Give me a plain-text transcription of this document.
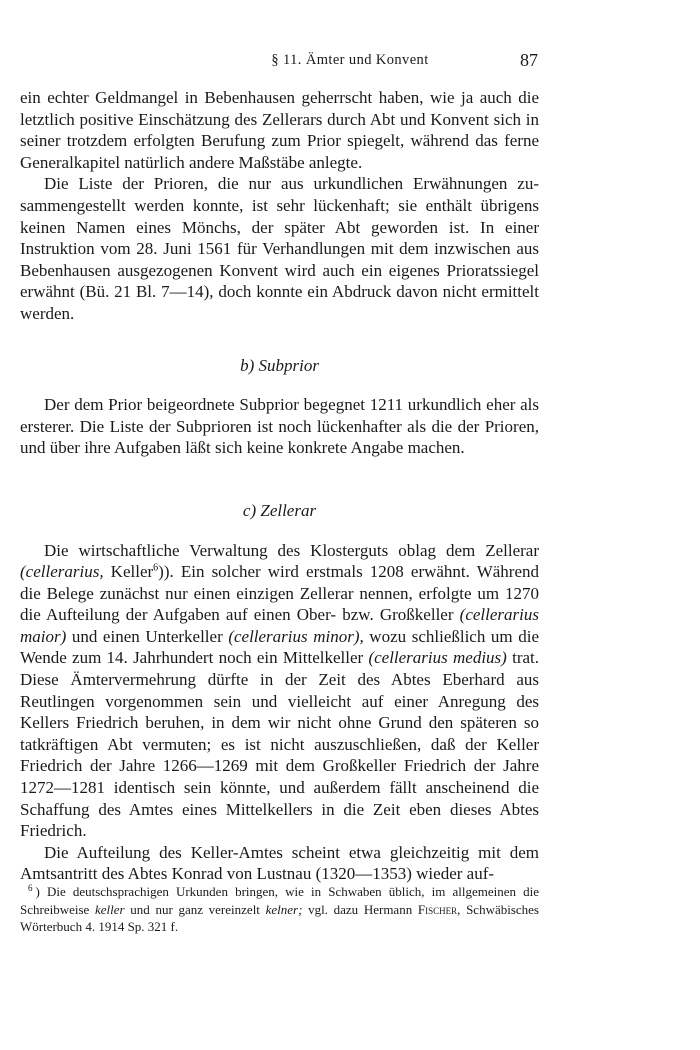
§ 11. Ämter und Konvent	87

ein echter Geldmangel in Bebenhausen geherrscht haben, wie ja auch die letztlich positive Einschätzung des Zellerars durch Abt und Konvent sich in seiner trotzdem erfolgten Berufung zum Prior spiegelt, während das ferne Generalkapitel natürlich andere Maßstäbe anlegte.

Die Liste der Prioren, die nur aus urkundlichen Erwähnungen zusammengestellt werden konnte, ist sehr lückenhaft; sie enthält übrigens keinen Namen eines Mönchs, der später Abt geworden ist. In einer Instruktion vom 28. Juni 1561 für Verhandlungen mit dem inzwischen aus Bebenhausen ausgezogenen Konvent wird auch ein eigenes Prioratssiegel erwähnt (Bü. 21 Bl. 7—14), doch konnte ein Abdruck davon nicht ermittelt werden.

b) Subprior

Der dem Prior beigeordnete Subprior begegnet 1211 urkundlich eher als ersterer. Die Liste der Subprioren ist noch lückenhafter als die der Prioren, und über ihre Aufgaben läßt sich keine konkrete Angabe machen.

c) Zellerar

Die wirtschaftliche Verwaltung des Klosterguts oblag dem Zellerar (cellerarius, Keller$^6$)). Ein solcher wird erstmals 1208 erwähnt. Während die Belege zunächst nur einen einzigen Zellerar nennen, erfolgte um 1270 die Aufteilung der Aufgaben auf einen Ober- bzw. Großkeller (cellerarius maior) und einen Unterkeller (cellerarius minor), wozu schließlich um die Wende zum 14. Jahrhundert noch ein Mittelkeller (cellerarius medius) trat. Diese Ämtervermehrung dürfte in der Zeit des Abtes Eberhard aus Reutlingen vorgenommen sein und vielleicht auf einer Anregung des Kellers Friedrich beruhen, in dem wir nicht ohne Grund den späteren so tatkräftigen Abt vermuten; es ist nicht auszuschließen, daß der Keller Friedrich der Jahre 1266—1269 mit dem Großkeller Friedrich der Jahre 1272—1281 identisch sein könnte, und außerdem fällt anscheinend die Schaffung des Amtes eines Mittelkellers in die Zeit eben dieses Abtes Friedrich.

Die Aufteilung des Keller-Amtes scheint etwa gleichzeitig mit dem Amtsantritt des Abtes Konrad von Lustnau (1320—1353) wieder auf-

$^6$ ) Die deutschsprachigen Urkunden bringen, wie in Schwaben üblich, im allgemeinen die Schreibweise keller und nur ganz vereinzelt kelner; vgl. dazu Hermann Fischer, Schwäbisches Wörterbuch 4. 1914 Sp. 321 f.
